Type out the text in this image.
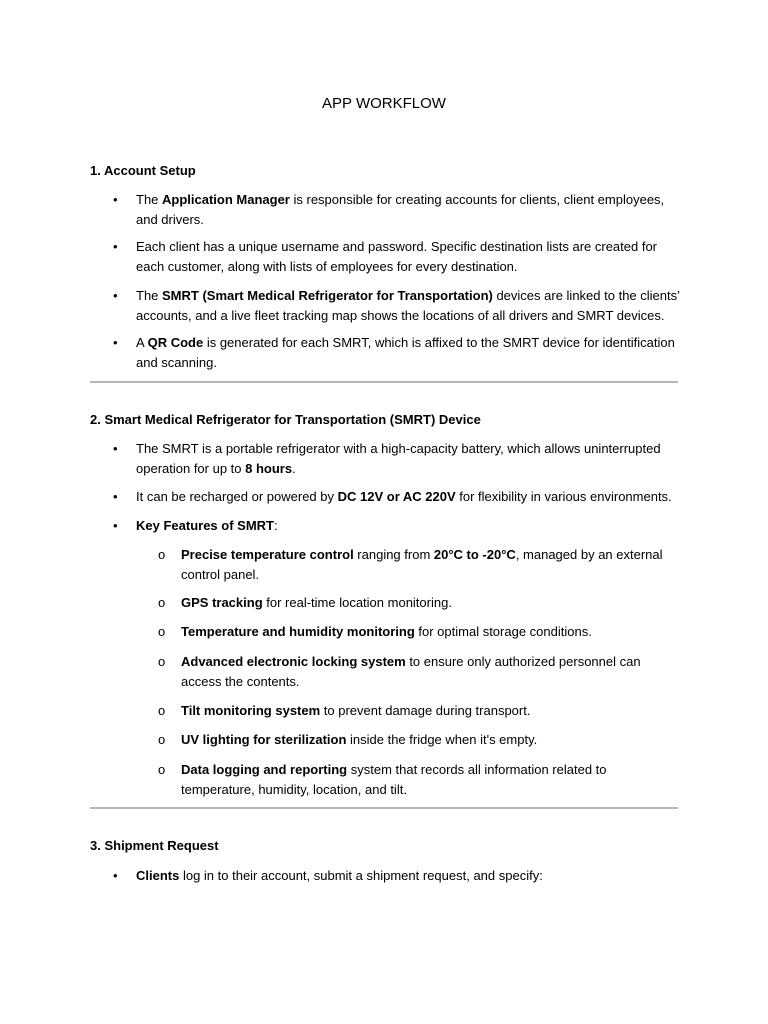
APP WORKFLOW
1. Account Setup
• The Application Manager is responsible for creating accounts for clients, client employees, and drivers.
• Each client has a unique username and password. Specific destination lists are created for each customer, along with lists of employees for every destination.
• The SMRT (Smart Medical Refrigerator for Transportation) devices are linked to the clients’ accounts, and a live fleet tracking map shows the locations of all drivers and SMRT devices.
• A QR Code is generated for each SMRT, which is affixed to the SMRT device for identification and scanning.
2. Smart Medical Refrigerator for Transportation (SMRT) Device
• The SMRT is a portable refrigerator with a high-capacity battery, which allows uninterrupted operation for up to 8 hours.
• It can be recharged or powered by DC 12V or AC 220V for flexibility in various environments.
• Key Features of SMRT:
o Precise temperature control ranging from 20°C to -20°C, managed by an external control panel.
o GPS tracking for real-time location monitoring.
o Temperature and humidity monitoring for optimal storage conditions.
o Advanced electronic locking system to ensure only authorized personnel can access the contents.
o Tilt monitoring system to prevent damage during transport.
o UV lighting for sterilization inside the fridge when it's empty.
o Data logging and reporting system that records all information related to temperature, humidity, location, and tilt.
3. Shipment Request
• Clients log in to their account, submit a shipment request, and specify:
